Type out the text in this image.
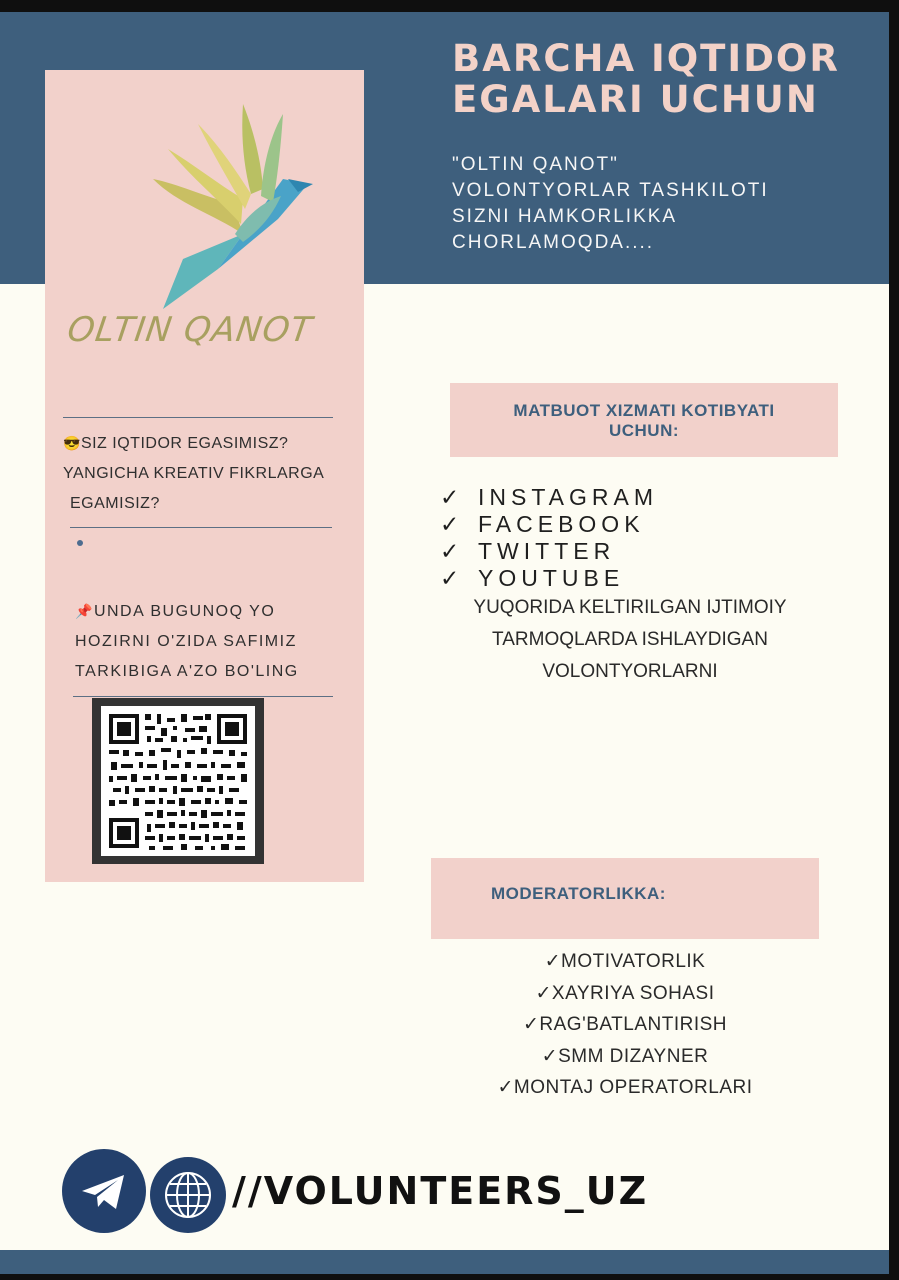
BARCHA IQTIDOR
EGALARI UCHUN
"OLTIN QANOT"
VOLONTYORLAR TASHKILOTI
SIZNI HAMKORLIKKA
CHORLAMOQDA....
OLTIN QANOT
😎SIZ IQTIDOR EGASIMISZ?
YANGICHA KREATIV FIKRLARGA
EGAMISIZ?
📌UNDA BUGUNOQ YO
HOZIRNI O'ZIDA SAFIMIZ
TARKIBIGA A'ZO BO'LING
MATBUOT XIZMATI KOTIBYATI
UCHUN:
✓ INSTAGRAM
✓ FACEBOOK
✓ TWITTER
✓ YOUTUBE
YUQORIDA KELTIRILGAN IJTIMOIY
TARMOQLARDA ISHLAYDIGAN
VOLONTYORLARNI
MODERATORLIKKA:
✓MOTIVATORLIK
✓XAYRIYA SOHASI
✓RAG'BATLANTIRISH
✓SMM DIZAYNER
✓MONTAJ OPERATORLARI
//VOLUNTEERS_UZ
